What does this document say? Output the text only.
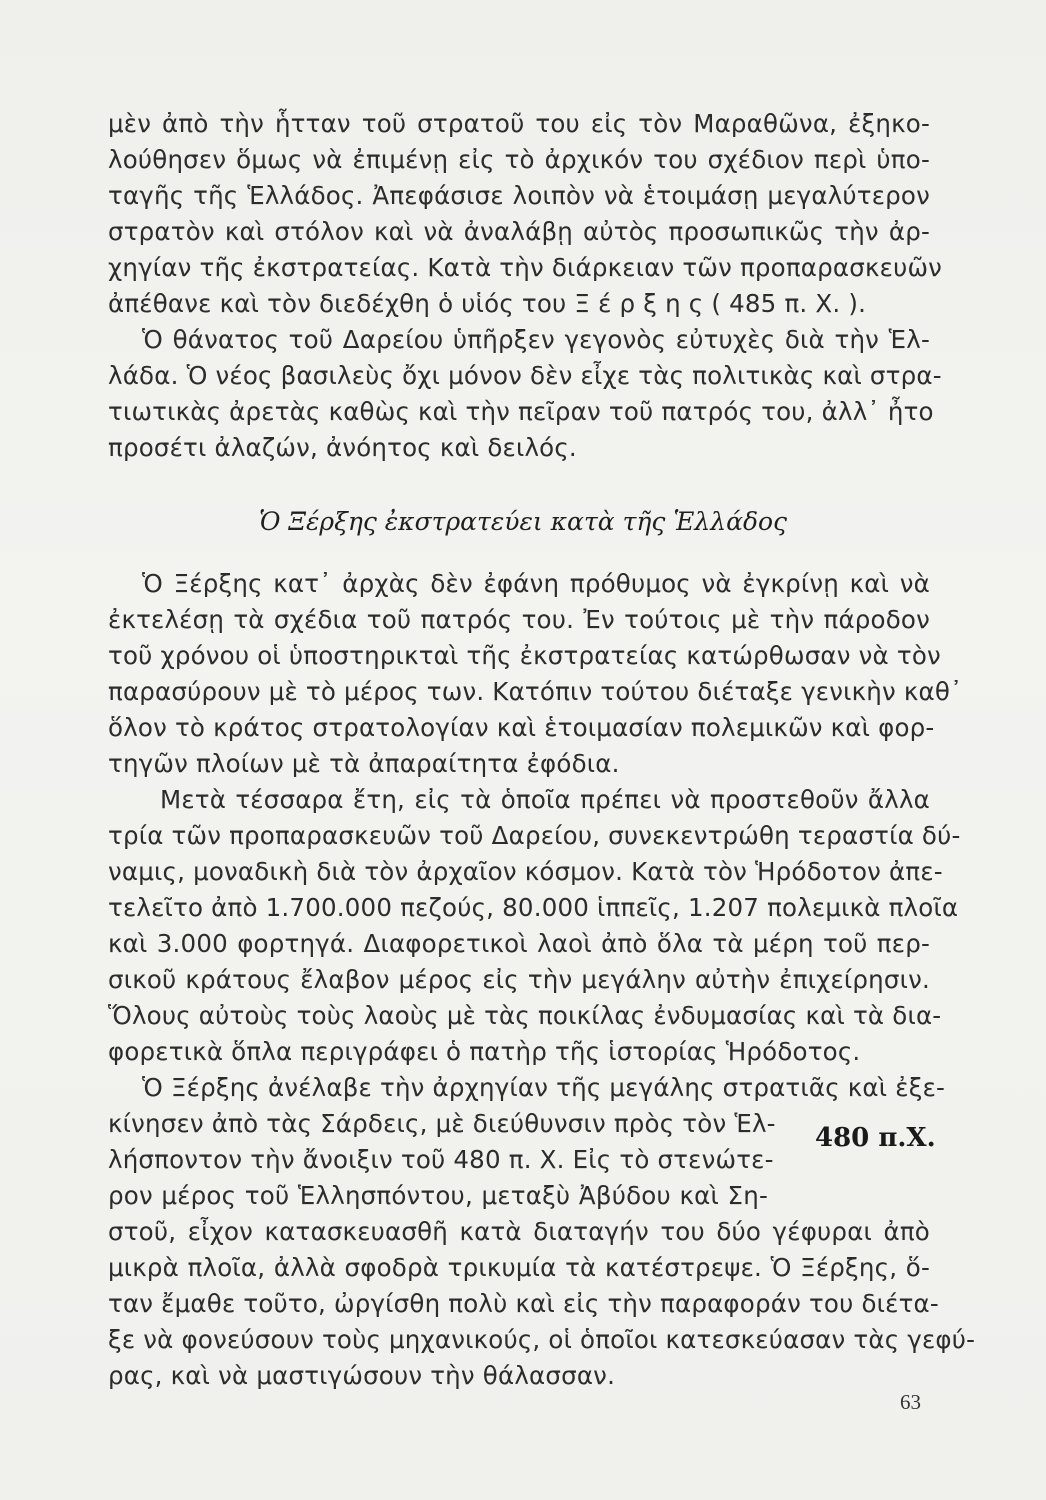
μὲν ἀπὸ τὴν ἧτταν τοῦ στρατοῦ του εἰς τὸν Μαραθῶνα, ἐξηκο-
λούθησεν ὅμως νὰ ἐπιμένῃ εἰς τὸ ἀρχικόν του σχέδιον περὶ ὑπο-
ταγῆς τῆς Ἑλλάδος. Ἀπεφάσισε λοιπὸν νὰ ἑτοιμάσῃ μεγαλύτερον
στρατὸν καὶ στόλον καὶ νὰ ἀναλάβῃ αὐτὸς προσωπικῶς τὴν ἀρ-
χηγίαν τῆς ἐκστρατείας. Κατὰ τὴν διάρκειαν τῶν προπαρασκευῶν
ἀπέθανε καὶ τὸν διεδέχθη ὁ υἱός του Ξ έ ρ ξ η ς ( 485 π. Χ. ).
Ὁ θάνατος τοῦ Δαρείου ὑπῆρξεν γεγονὸς εὐτυχὲς διὰ τὴν Ἑλ-
λάδα. Ὁ νέος βασιλεὺς ὄχι μόνον δὲν εἶχε τὰς πολιτικὰς καὶ στρα-
τιωτικὰς ἀρετὰς καθὼς καὶ τὴν πεῖραν τοῦ πατρός του, ἀλλ᾽ ἦτο
προσέτι ἀλαζών, ἀνόητος καὶ δειλός.
Ὁ Ξέρξης ἐκστρατεύει κατὰ τῆς Ἑλλάδος
Ὁ Ξέρξης κατ᾽ ἀρχὰς δὲν ἐφάνη πρόθυμος νὰ ἐγκρίνῃ καὶ νὰ
ἐκτελέσῃ τὰ σχέδια τοῦ πατρός του. Ἐν τούτοις μὲ τὴν πάροδον
τοῦ χρόνου οἱ ὑποστηρικταὶ τῆς ἐκστρατείας κατώρθωσαν νὰ τὸν
παρασύρουν μὲ τὸ μέρος των. Κατόπιν τούτου διέταξε γενικὴν καθ᾽
ὅλον τὸ κράτος στρατολογίαν καὶ ἑτοιμασίαν πολεμικῶν καὶ φορ-
τηγῶν πλοίων μὲ τὰ ἀπαραίτητα ἐφόδια.
Μετὰ τέσσαρα ἔτη, εἰς τὰ ὁποῖα πρέπει νὰ προστεθοῦν ἄλλα
τρία τῶν προπαρασκευῶν τοῦ Δαρείου, συνεκεντρώθη τεραστία δύ-
ναμις, μοναδικὴ διὰ τὸν ἀρχαῖον κόσμον. Κατὰ τὸν Ἡρόδοτον ἀπε-
τελεῖτο ἀπὸ 1.700.000 πεζούς, 80.000 ἱππεῖς, 1.207 πολεμικὰ πλοῖα
καὶ 3.000 φορτηγά. Διαφορετικοὶ λαοὶ ἀπὸ ὅλα τὰ μέρη τοῦ περ-
σικοῦ κράτους ἔλαβον μέρος εἰς τὴν μεγάλην αὐτὴν ἐπιχείρησιν.
Ὅλους αὐτοὺς τοὺς λαοὺς μὲ τὰς ποικίλας ἐνδυμασίας καὶ τὰ δια-
φορετικὰ ὅπλα περιγράφει ὁ πατὴρ τῆς ἱστορίας Ἡρόδοτος.
Ὁ Ξέρξης ἀνέλαβε τὴν ἀρχηγίαν τῆς μεγάλης στρατιᾶς καὶ ἐξε-
κίνησεν ἀπὸ τὰς Σάρδεις, μὲ διεύθυνσιν πρὸς τὸν Ἑλ-
λήσποντον τὴν ἄνοιξιν τοῦ 480 π. Χ. Εἰς τὸ στενώτε-
ρον μέρος τοῦ Ἑλλησπόντου, μεταξὺ Ἀβύδου καὶ Ση-
στοῦ, εἶχον κατασκευασθῆ κατὰ διαταγήν του δύο γέφυραι ἀπὸ
μικρὰ πλοῖα, ἀλλὰ σφοδρὰ τρικυμία τὰ κατέστρεψε. Ὁ Ξέρξης, ὅ-
ταν ἔμαθε τοῦτο, ὠργίσθη πολὺ καὶ εἰς τὴν παραφοράν του διέτα-
ξε νὰ φονεύσουν τοὺς μηχανικούς, οἱ ὁποῖοι κατεσκεύασαν τὰς γεφύ-
ρας, καὶ νὰ μαστιγώσουν τὴν θάλασσαν.
480 π.Χ.
63
